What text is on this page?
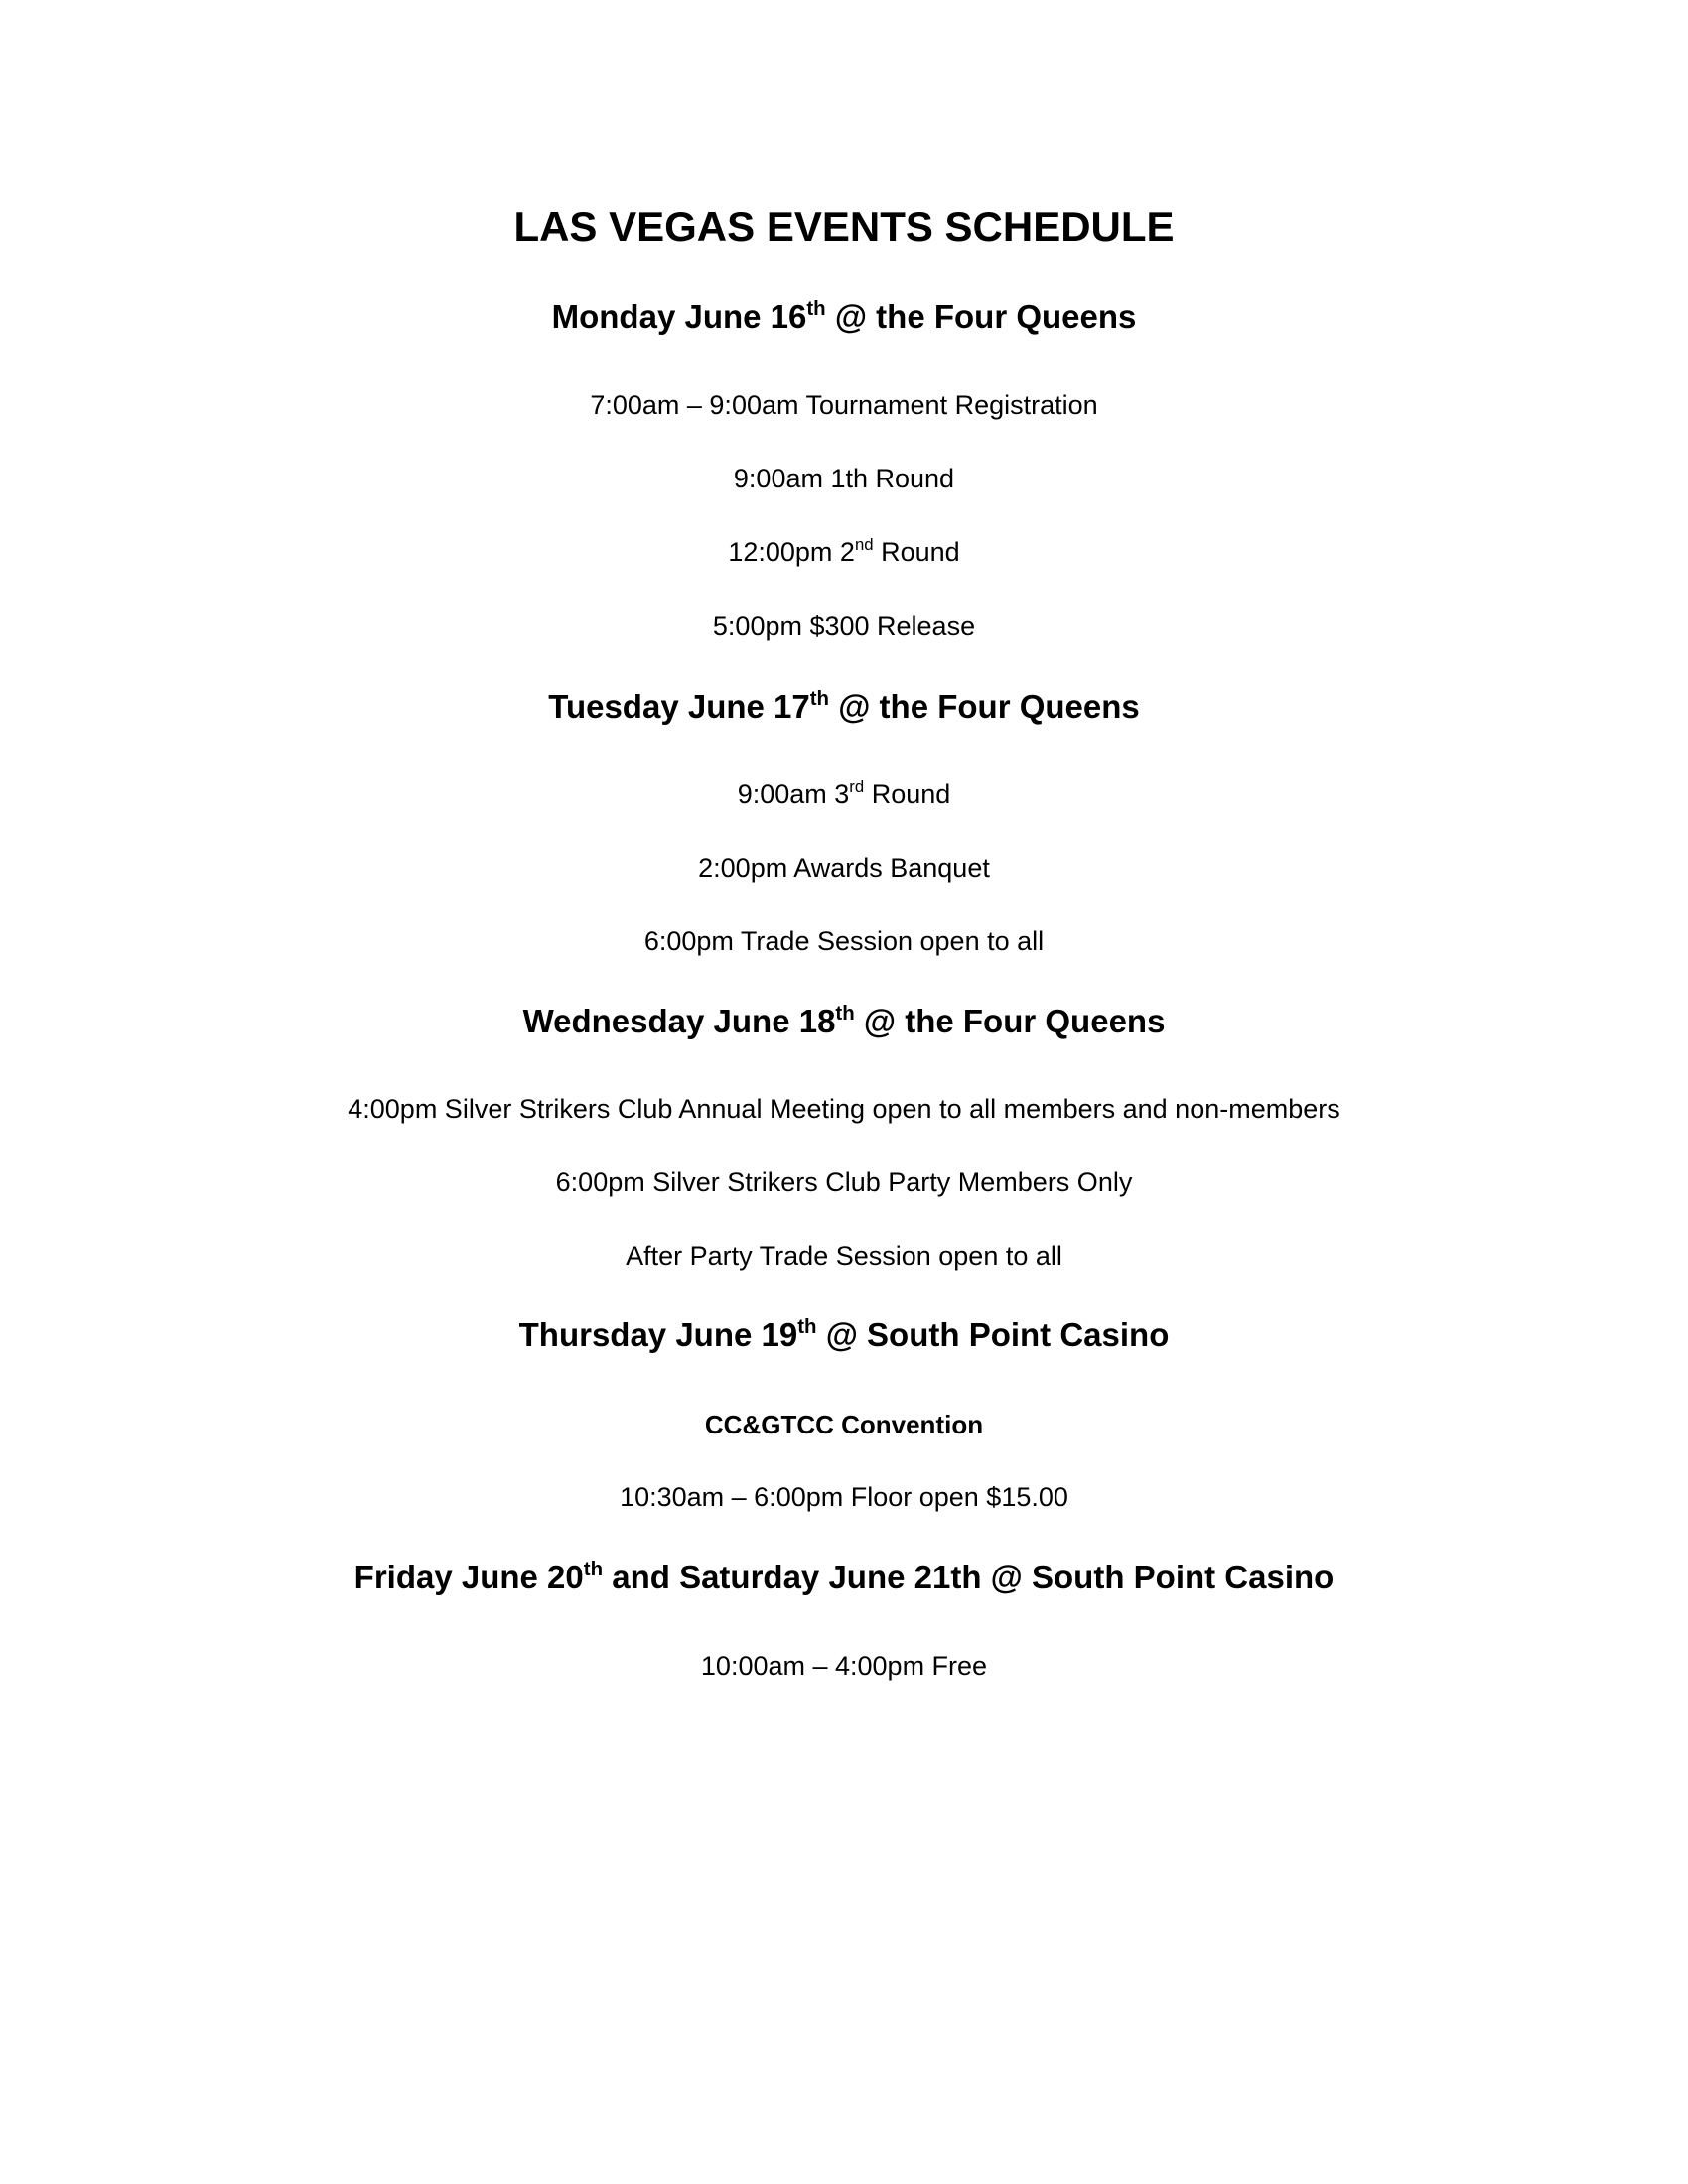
LAS VEGAS EVENTS SCHEDULE
Monday June 16th @ the Four Queens
7:00am – 9:00am Tournament Registration
9:00am 1th Round
12:00pm 2nd Round
5:00pm $300 Release
Tuesday June 17th @ the Four Queens
9:00am 3rd Round
2:00pm Awards Banquet
6:00pm Trade Session open to all
Wednesday June 18th @ the Four Queens
4:00pm Silver Strikers Club Annual Meeting open to all members and non-members
6:00pm Silver Strikers Club Party Members Only
After Party Trade Session open to all
Thursday June 19th @ South Point Casino
CC&GTCC Convention
10:30am – 6:00pm Floor open $15.00
Friday June 20th and Saturday June 21th @ South Point Casino
10:00am – 4:00pm Free
